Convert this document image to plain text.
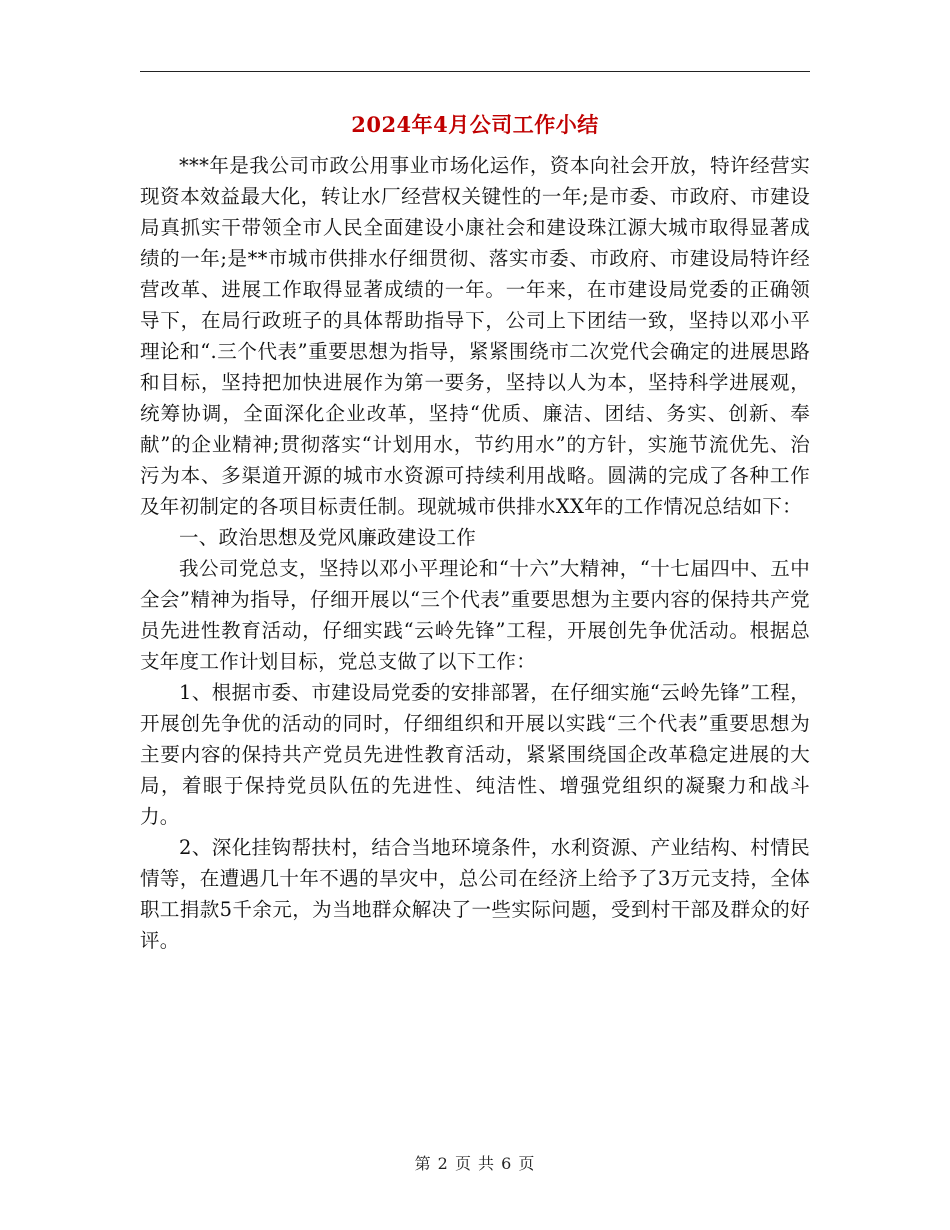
2024年4月公司工作小结

***年是我公司市政公用事业市场化运作，资本向社会开放，特许经营实现资本效益最大化，转让水厂经营权关键性的一年;是市委、市政府、市建设局真抓实干带领全市人民全面建设小康社会和建设珠江源大城市取得显著成绩的一年;是**市城市供排水仔细贯彻、落实市委、市政府、市建设局特许经营改革、进展工作取得显著成绩的一年。一年来，在市建设局党委的正确领导下，在局行政班子的具体帮助指导下，公司上下团结一致，坚持以邓小平理论和“.三个代表”重要思想为指导，紧紧围绕市二次党代会确定的进展思路和目标，坚持把加快进展作为第一要务，坚持以人为本，坚持科学进展观，统筹协调，全面深化企业改革，坚持“优质、廉洁、团结、务实、创新、奉献”的企业精神;贯彻落实“计划用水，节约用水”的方针，实施节流优先、治污为本、多渠道开源的城市水资源可持续利用战略。圆满的完成了各种工作及年初制定的各项目标责任制。现就城市供排水XX年的工作情况总结如下：

一、政治思想及党风廉政建设工作

我公司党总支，坚持以邓小平理论和“十六”大精神，“十七届四中、五中全会”精神为指导，仔细开展以“三个代表”重要思想为主要内容的保持共产党员先进性教育活动，仔细实践“云岭先锋”工程，开展创先争优活动。根据总支年度工作计划目标，党总支做了以下工作：

1、根据市委、市建设局党委的安排部署，在仔细实施“云岭先锋”工程，开展创先争优的活动的同时，仔细组织和开展以实践“三个代表”重要思想为主要内容的保持共产党员先进性教育活动，紧紧围绕国企改革稳定进展的大局，着眼于保持党员队伍的先进性、纯洁性、增强党组织的凝聚力和战斗力。

2、深化挂钩帮扶村，结合当地环境条件，水利资源、产业结构、村情民情等，在遭遇几十年不遇的旱灾中，总公司在经济上给予了3万元支持，全体职工捐款5千余元，为当地群众解决了一些实际问题，受到村干部及群众的好评。

第 2 页 共 6 页
